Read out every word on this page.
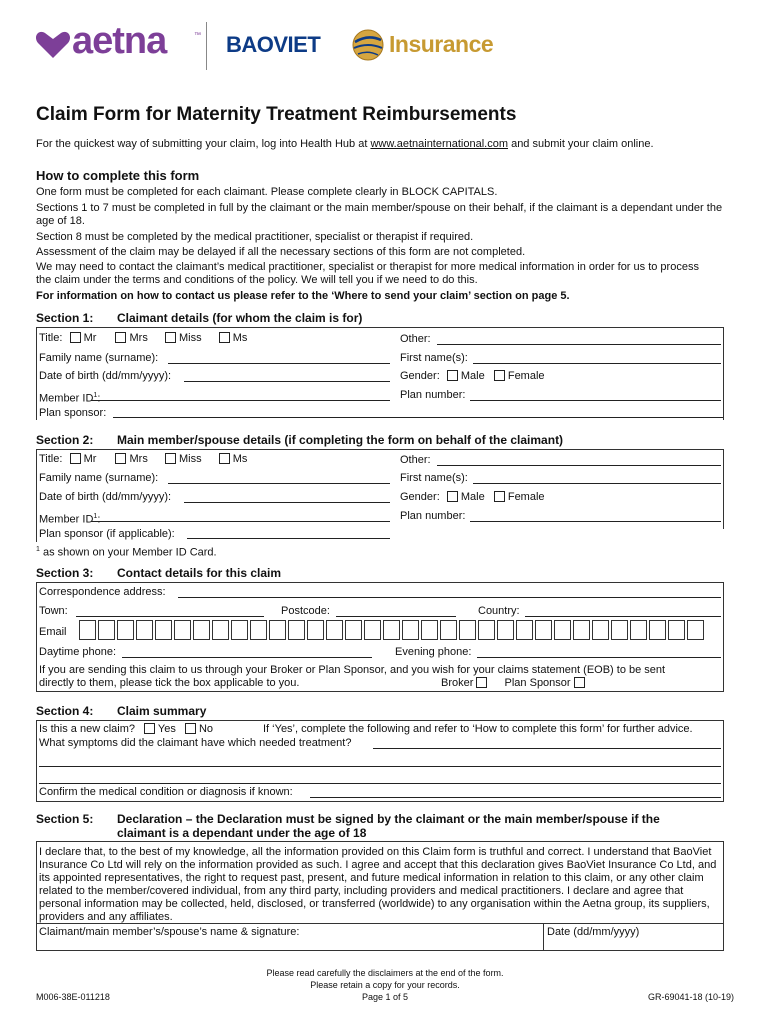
aetna	™ BAOVIET	Insurance
Claim Form for Maternity Treatment Reimbursements
For the quickest way of submitting your claim, log into Health Hub at www.aetnainternational.com and submit your claim online.
How to complete this form
One form must be completed for each claimant. Please complete clearly in BLOCK CAPITALS.
Sections 1 to 7 must be completed in full by the claimant or the main member/spouse on their behalf, if the claimant is a dependant under the age of 18.
Section 8 must be completed by the medical practitioner, specialist or therapist if required.
Assessment of the claim may be delayed if all the necessary sections of this form are not completed.
We may need to contact the claimant’s medical practitioner, specialist or therapist for more medical information in order for us to process the claim under the terms and conditions of the policy. We will tell you if we need to do this.
For information on how to contact us please refer to the ‘Where to send your claim’ section on page 5.
Section 1: Claimant details (for whom the claim is for)
Title: Mr	Mrs	Miss	Ms	Other:
Family name (surname):	First name(s):
Date of birth (dd/mm/yyyy):	Gender: Male Female
Member $ID^1$:	Plan number:
Plan sponsor:
Section 2: Main member/spouse details (if completing the form on behalf of the claimant)
Title: Mr	Mrs	Miss	Ms	Other:
Family name (surname):	First name(s):
Date of birth (dd/mm/yyyy):	Gender: Male Female
Member $ID^1$:	Plan number:
Plan sponsor (if applicable):
$^1$ as shown on your Member ID Card.
Section 3: Contact details for this claim
Correspondence address:
Town:	Postcode:	Country:
Email
Daytime phone:	Evening phone:
If you are sending this claim to us through your Broker or Plan Sponsor, and you wish for your claims statement (EOB) to be sent
directly to them, please tick the box applicable to you.	Broker	Plan Sponsor
Section 4: Claim summary
Is this a new claim? Yes No	If ‘Yes’, complete the following and refer to ‘How to complete this form’ for further advice.
What symptoms did the claimant have which needed treatment?
Confirm the medical condition or diagnosis if known:
Section 5: Declaration – the Declaration must be signed by the claimant or the main member/spouse if the
claimant is a dependant under the age of 18
I declare that, to the best of my knowledge, all the information provided on this Claim form is truthful and correct. I understand that BaoViet Insurance Co Ltd will rely on the information provided as such. I agree and accept that this declaration gives BaoViet Insurance Co Ltd, and its appointed representatives, the right to request past, present, and future medical information in relation to this claim, or any other claim related to the member/covered individual, from any third party, including providers and medical practitioners. I declare and agree that personal information may be collected, held, disclosed, or transferred (worldwide) to any organisation within the Aetna group, its suppliers, providers and any affiliates.
Claimant/main member’s/spouse’s name & signature:	Date (dd/mm/yyyy)
Please read carefully the disclaimers at the end of the form.
Please retain a copy for your records.
Page 1 of 5
M006-38E-011218	GR-69041-18 (10-19)
